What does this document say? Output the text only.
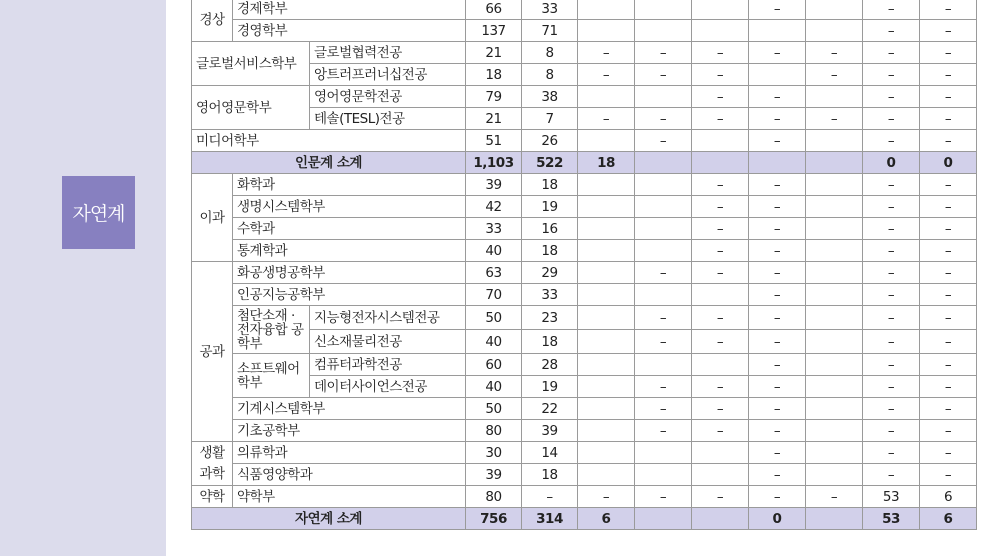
자연계
경상	경제학부		66	33				–		–	–
	경영학부		137	71						–	–
글로벌서비스학부		글로벌협력전공	21	8	–	–	–	–	–	–	–
		앙트러프러너십전공	18	8	–	–	–		–	–	–
영어영문학부		영어영문학전공	79	38			–	–		–	–
		테솔(TESL)전공	21	7	–	–	–	–	–	–	–
미디어학부			51	26		–		–		–	–
인문계 소계			1,103	522	18					0	0
이과	화학과		39	18			–	–		–	–
	생명시스템학부		42	19			–	–		–	–
	수학과		33	16			–	–		–	–
	통계학과		40	18			–	–		–	–
공과	화공생명공학부		63	29		–	–	–		–	–
	인공지능공학부		70	33				–		–	–
	첨단소재 · 전자융합 공학부	지능형전자시스템전공	50	23		–	–	–		–	–
		신소재물리전공	40	18		–	–	–		–	–
	소프트웨어 학부	컴퓨터과학전공	60	28				–		–	–
		데이터사이언스전공	40	19		–	–	–		–	–
	기계시스템학부		50	22		–	–	–		–	–
	기초공학부		80	39		–	–	–		–	–
생활 과학	의류학과		30	14				–		–	–
	식품영양학과		39	18				–		–	–
약학	약학부		80	–	–	–	–	–	–	53	6
자연계 소계			756	314	6			0		53	6
